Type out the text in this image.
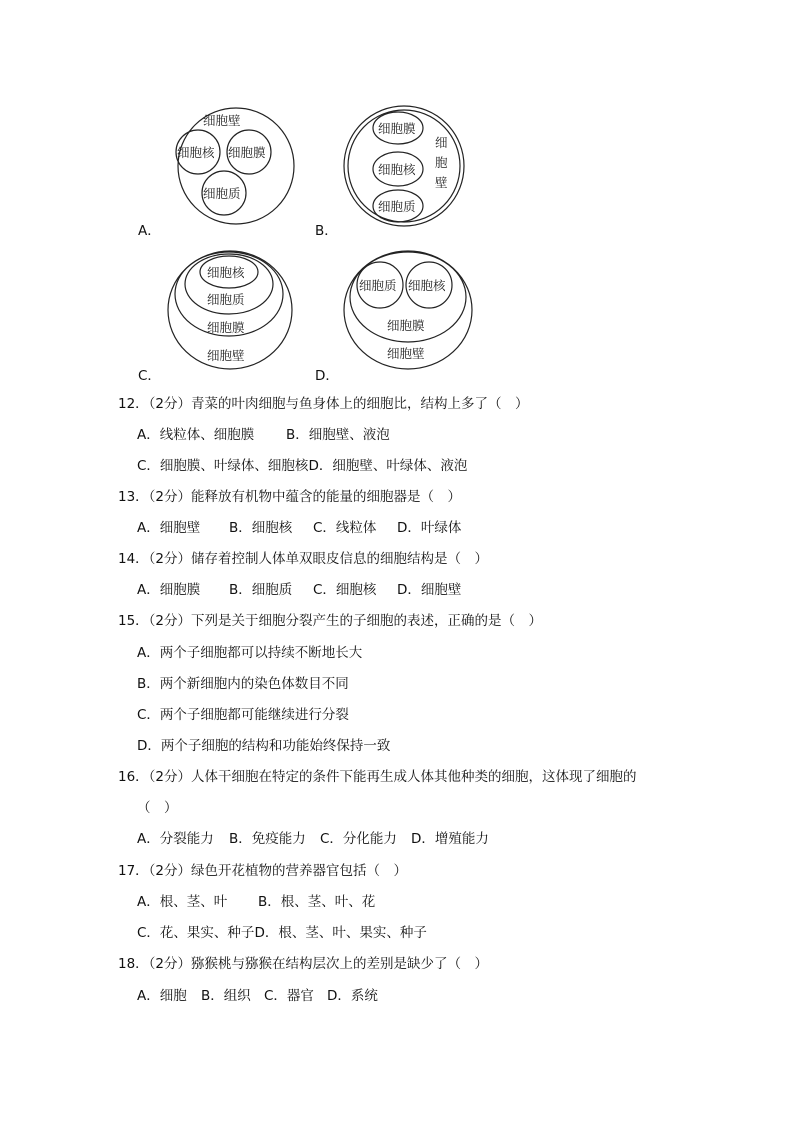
细胞壁
细胞核 细胞膜
细胞质
A．
细胞膜
细胞核
细胞质
细
胞
壁
B．
细胞核
细胞质
细胞膜
细胞壁
C．
细胞质 细胞核
细胞膜
细胞壁
D．
12．（2分）青菜的叶肉细胞与鱼身体上的细胞比，结构上多了（　）
A．线粒体、细胞膜 B．细胞壁、液泡
C．细胞膜、叶绿体、细胞核D．细胞壁、叶绿体、液泡
13．（2分）能释放有机物中蕴含的能量的细胞器是（　）
A．细胞壁 B．细胞核 C．线粒体 D．叶绿体
14．（2分）储存着控制人体单双眼皮信息的细胞结构是（　）
A．细胞膜 B．细胞质 C．细胞核 D．细胞壁
15．（2分）下列是关于细胞分裂产生的子细胞的表述，正确的是（　）
A．两个子细胞都可以持续不断地长大
B．两个新细胞内的染色体数目不同
C．两个子细胞都可能继续进行分裂
D．两个子细胞的结构和功能始终保持一致
16．（2分）人体干细胞在特定的条件下能再生成人体其他种类的细胞，这体现了细胞的
（　）
A．分裂能力 B．免疫能力 C．分化能力 D．增殖能力
17．（2分）绿色开花植物的营养器官包括（　）
A．根、茎、叶 B．根、茎、叶、花
C．花、果实、种子D．根、茎、叶、果实、种子
18．（2分）猕猴桃与猕猴在结构层次上的差别是缺少了（　）
A．细胞 B．组织 C．器官 D．系统
